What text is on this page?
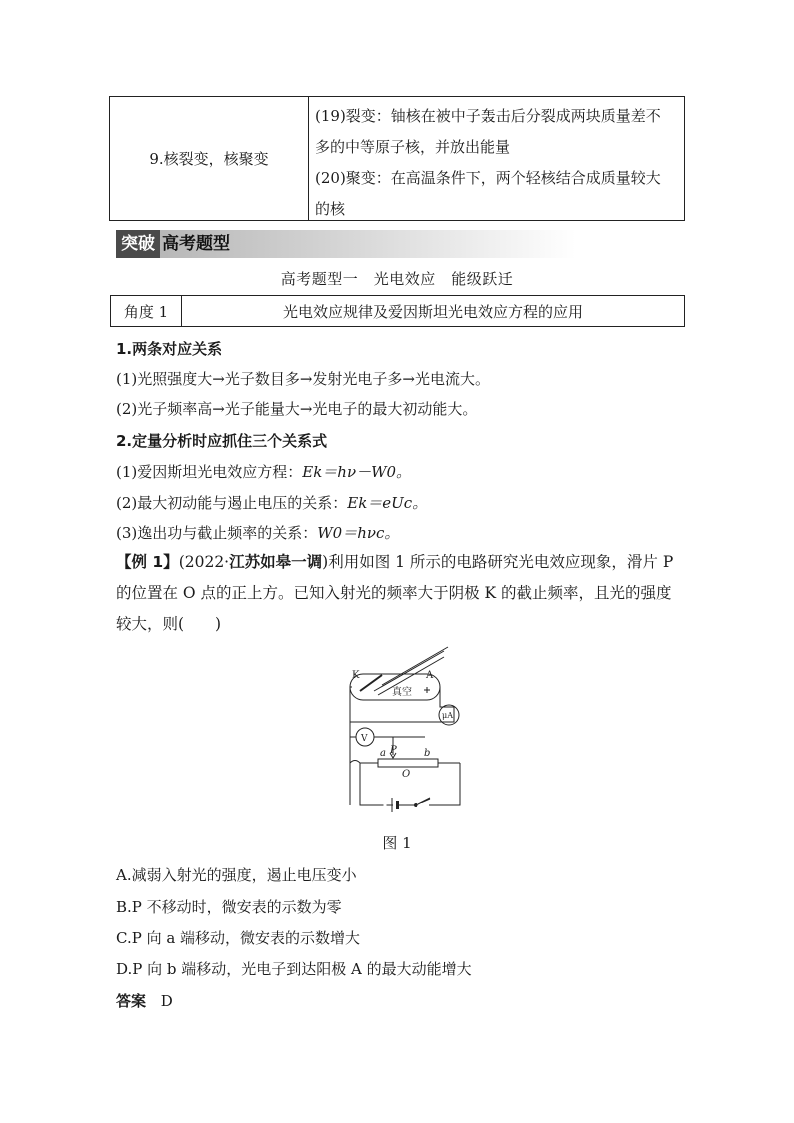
9.核裂变，核聚变
(19)裂变：铀核在被中子轰击后分裂成两块质量差不
多的中等原子核，并放出能量
(20)聚变：在高温条件下，两个轻核结合成质量较大
的核
突破 高考题型
高考题型一　光电效应　能级跃迁
角度 1	光电效应规律及爱因斯坦光电效应方程的应用
1.两条对应关系
(1)光照强度大→光子数目多→发射光电子多→光电流大。
(2)光子频率高→光子能量大→光电子的最大初动能大。
2.定量分析时应抓住三个关系式
(1)爱因斯坦光电效应方程：Ek＝hν－W0。
(2)最大初动能与遏止电压的关系：Ek＝eUc。
(3)逸出功与截止频率的关系：W0＝hνc。
【例 1】(2022·江苏如皋一调)利用如图 1 所示的电路研究光电效应现象，滑片 P
的位置在 O 点的正上方。已知入射光的频率大于阴极 K 的截止频率，且光的强度
较大，则(　　)
K	A
真空
μA
V
a P	b
O
图 1
A.减弱入射光的强度，遏止电压变小
B.P 不移动时，微安表的示数为零
C.P 向 a 端移动，微安表的示数增大
D.P 向 b 端移动，光电子到达阳极 A 的最大动能增大
答案 D
